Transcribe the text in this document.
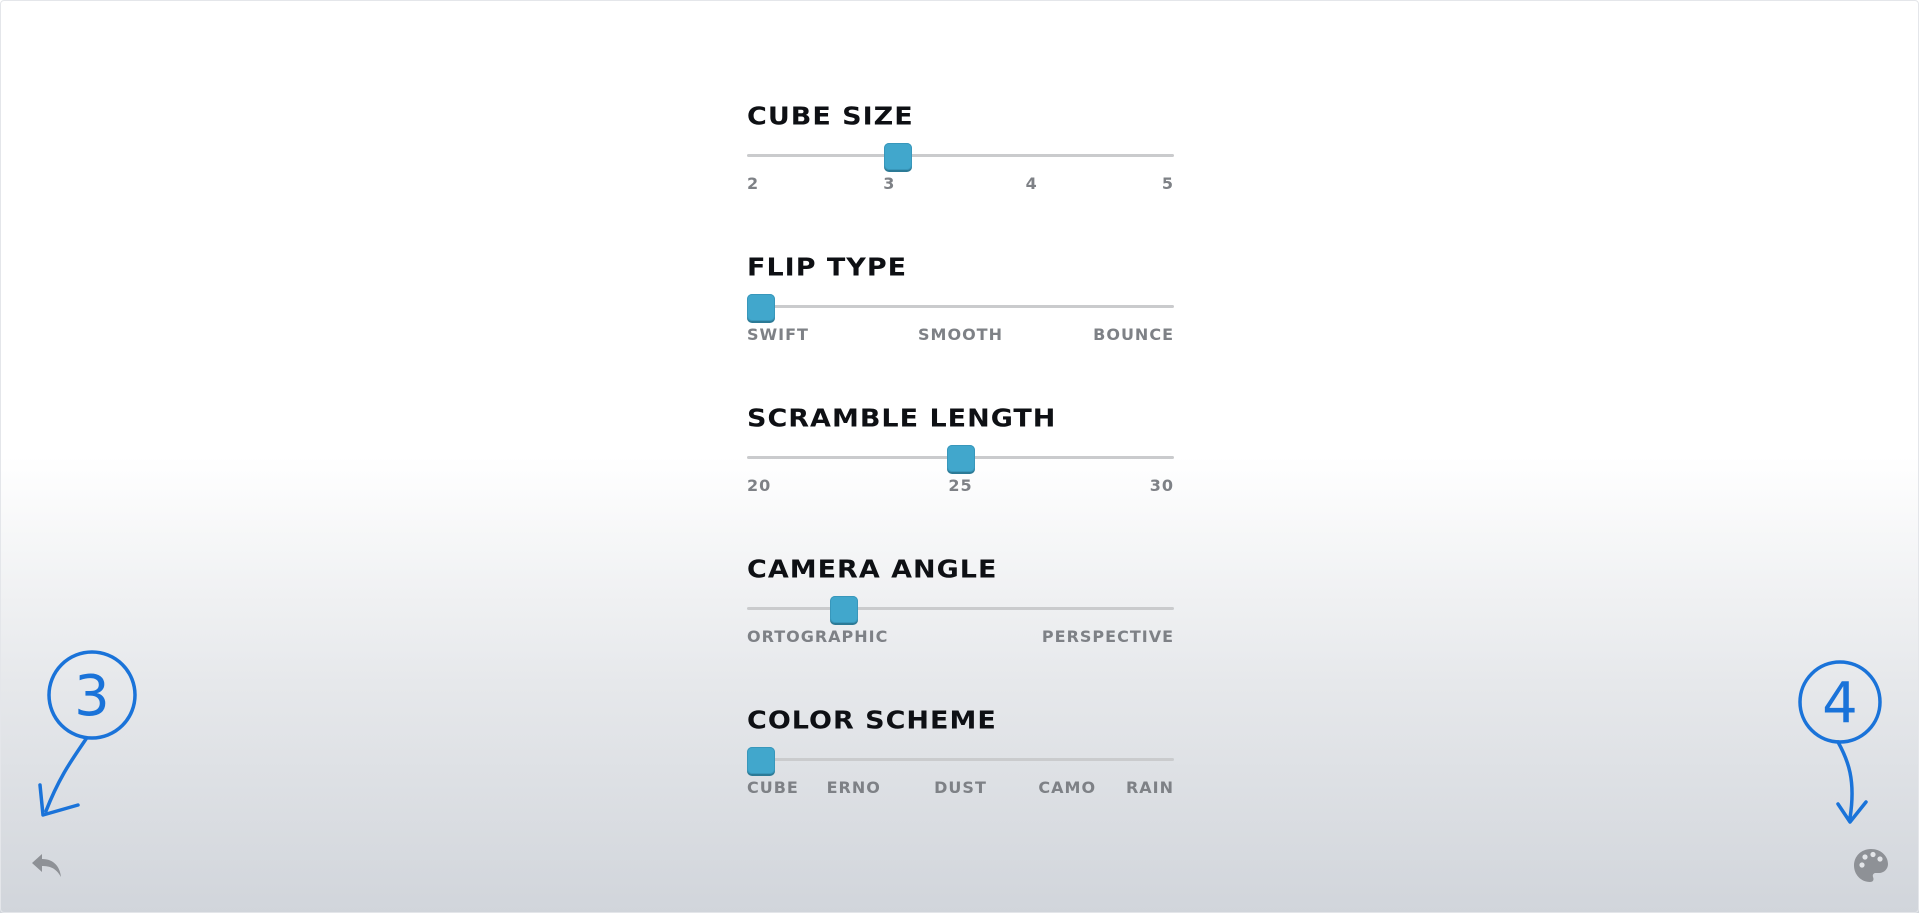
CUBE SIZE
2	3	4	5
FLIP TYPE
SWIFT	SMOOTH	BOUNCE
SCRAMBLE LENGTH
20	25	30
CAMERA ANGLE
ORTOGRAPHIC	PERSPECTIVE
COLOR SCHEME
CUBE ERNO	DUST	CAMO RAIN
3	4
